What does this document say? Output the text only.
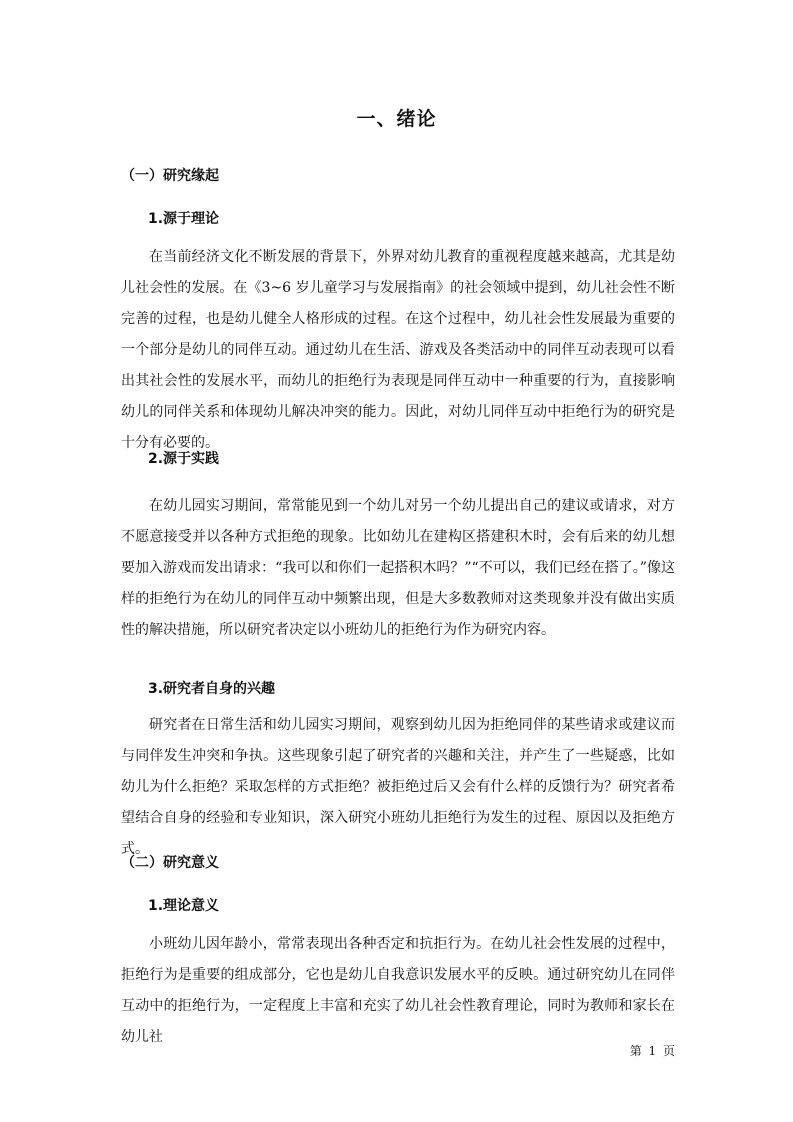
一、绪论
（一）研究缘起
1.源于理论

在当前经济文化不断发展的背景下，外界对幼儿教育的重视程度越来越高，尤其是幼儿社会性的发展。在《3~6 岁儿童学习与发展指南》的社会领域中提到，幼儿社会性不断完善的过程，也是幼儿健全人格形成的过程。在这个过程中，幼儿社会性发展最为重要的一个部分是幼儿的同伴互动。通过幼儿在生活、游戏及各类活动中的同伴互动表现可以看出其社会性的发展水平，而幼儿的拒绝行为表现是同伴互动中一种重要的行为，直接影响幼儿的同伴关系和体现幼儿解决冲突的能力。因此，对幼儿同伴互动中拒绝行为的研究是十分有必要的。

2.源于实践

在幼儿园实习期间，常常能见到一个幼儿对另一个幼儿提出自己的建议或请求，对方不愿意接受并以各种方式拒绝的现象。比如幼儿在建构区搭建积木时，会有后来的幼儿想要加入游戏而发出请求：“我可以和你们一起搭积木吗？”“不可以，我们已经在搭了。”像这样的拒绝行为在幼儿的同伴互动中频繁出现，但是大多数教师对这类现象并没有做出实质性的解决措施，所以研究者决定以小班幼儿的拒绝行为作为研究内容。

3.研究者自身的兴趣

研究者在日常生活和幼儿园实习期间，观察到幼儿因为拒绝同伴的某些请求或建议而与同伴发生冲突和争执。这些现象引起了研究者的兴趣和关注，并产生了一些疑惑，比如幼儿为什么拒绝？采取怎样的方式拒绝？被拒绝过后又会有什么样的反馈行为？研究者希望结合自身的经验和专业知识，深入研究小班幼儿拒绝行为发生的过程、原因以及拒绝方式。

（二）研究意义
1.理论意义

小班幼儿因年龄小，常常表现出各种否定和抗拒行为。在幼儿社会性发展的过程中，拒绝行为是重要的组成部分，它也是幼儿自我意识发展水平的反映。通过研究幼儿在同伴互动中的拒绝行为，一定程度上丰富和充实了幼儿社会性教育理论，同时为教师和家长在幼儿社

第 1 页
